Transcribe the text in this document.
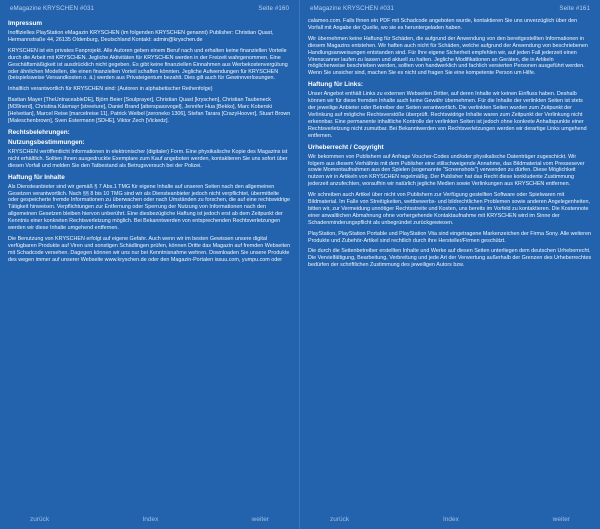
eMagazine KRYSCHEN #031	Seite #160
Impressum
Inoffizielles PlayStation eMagazin KRYSCHEN (im folgenden KRYSCHEN genannt) Publisher: Christian Quast, Hermannstraße 44, 26135 Oldenburg, Deutschland Kontakt: admin@kryschen.de
KRYSCHEN ist ein privates Fanprojekt. Alle Autoren geben einem Beruf nach und erhalten keine finanziellen Vorteile durch die Arbeit mit KRYSCHEN. Jegliche Aktivitäten für KRYSCHEN werden in der Freizeit wahrgenommen. Eine Geschäftsmäßigkeit ist ausdrücklich nicht gegeben. Es gibt keine finanziellen Einnahmen aus Werbekostenvergütung oder ähnlichen Modellen, die einen finanziellen Vorteil schaffen könnten. Jegliche Aufwendungen für KRYSCHEN (beispielsweise Versandkosten o. ä.) werden aus Privateigentum bezahlt. Dies gilt auch für Gewinnverlosungen.
Inhaltlich verantwortlich für KRYSCHEN sind: (Autoren in alphabetischer Reihenfolge)
Bastian Mayer [TheUntraceableDE], Björn Beier [Soulprayer], Christian Quast [kryschen], Christian Taubeneck [M39nerd], Christina Käsmayr [streeture], Daniel Brand [atterspassvogel], Jennifer Hua [Bekko], Marc Koberski [Helvetian], Marcel Reise [marcelreise 11], Patrick Weibel [zeroneko 1306], Stefan Tarara [CrazyHoover], Stuart Brown [Maleschenbrown], Sven Estermann [SDHE], Viktor Zech [Vickedz].
Rechtsbelehrungen:
Nutzungsbestimmungen:
KRYSCHEN veröffentlicht Informationen in elektronischer (digitaler) Form. Eine physikalische Kopie des Magazins ist nicht erhältlich. Sollten Ihnen ausgedruckte Exemplare zum Kauf angeboten werden, kontaktieren Sie uns sofort über diesen Vorfall und melden Sie den Tatbestand als Betrugsversuch bei der Polizei.
Haftung für Inhalte
Als Diensteanbieter sind wir gemäß § 7 Abs.1 TMG für eigene Inhalte auf unseren Seiten nach den allgemeinen Gesetzen verantwortlich. Nach §§ 8 bis 10 TMG sind wir als Diensteanbieter jedoch nicht verpflichtet, übermittelte oder gespeicherte fremde Informationen zu überwachen oder nach Umständen zu forschen, die auf eine rechtswidrige Tätigkeit hinweisen. Verpflichtungen zur Entfernung oder Sperrung der Nutzung von Informationen nach den allgemeinen Gesetzen bleiben hiervon unberührt. Eine diesbezügliche Haftung ist jedoch erst ab dem Zeitpunkt der Kenntnis einer konkreten Rechtsverletzung möglich. Bei Bekanntwerden von entsprechenden Rechtsverletzungen werden wir diese Inhalte umgehend entfernen.
Die Benutzung von KRYSCHEN erfolgt auf eigene Gefahr. Auch wenn wir im besten Gewissen unsere digital verfügbaren Produkte auf Viren und sonstigen Schädlingen prüfen, können Dritte das Magazin auf fremden Webseiten mit Schadcode versehen. Dagegen können wir uns nur bei Kenntnisnahme wehren. Downloaden Sie unsere Produkte des wegen immer auf unserer Webseite www.kryschen.de oder den Magazin-Portalen issuu.com, yumpu.com oder
zurück	Index	weiter
eMagazine KRYSCHEN #031	Seite #161
calameo.com. Falls Ihnen ein PDF mit Schadcode angeboten wurde, kontaktieren Sie uns unverzüglich über den Vorfall mit Angabe der Quelle, wo sie es heruntergeladen haben.
Wir übernehmen keine Haftung für Schäden, die aufgrund der Anwendung von den bereitgestellten Informationen in diesem Magazins entstehen. Wir haften auch nicht für Schäden, welche aufgrund der Anwendung von beschriebenen Handlungsanweisungen entstanden sind. Für Ihre eigene Sicherheit empfehlen wir, auf jeden Fall jederzeit einen Virenscanner laufen zu lassen und aktuell zu halten. Jegliche Modifikationen an Geräten, die in Artikeln möglicherweise beschrieben werden, sollten von handwerklich und fachlich versierten Personen ausgeführt werden. Wenn Sie unsicher sind, machen Sie es nicht und fragen Sie eine kompetente Person um Hilfe.
Haftung für Links:
Unser Angebot enthält Links zu externen Webseiten Dritter, auf deren Inhalte wir keinen Einfluss haben. Deshalb können wir für diese fremden Inhalte auch keine Gewähr übernehmen. Für die Inhalte der verlinkten Seiten ist stets der jeweilige Anbieter oder Betreiber der Seiten verantwortlich. Die verlinkten Seiten wurden zum Zeitpunkt der Verlinkung auf mögliche Rechtsverstöße überprüft. Rechtswidrige Inhalte waren zum Zeitpunkt der Verlinkung nicht erkennbar. Eine permanente inhaltliche Kontrolle der verlinkten Seiten ist jedoch ohne konkrete Anhaltspunkte einer Rechtsverletzung nicht zumutbar. Bei Bekanntwerden von Rechtsverletzungen werden wir derartige Links umgehend entfernen.
Urheberrecht / Copyright
Wir bekommen von Publishern auf Anfrage Voucher-Codes und/oder physikalische Datenträger zugeschickt. Wir folgern aus diesem Verhältnis mit dem Publisher eine stillschweigende Annahme, das Bildmaterial vom Pressesever sowie Momentaufnahmen aus den Spielen (sogenannte "Screenshots") verwenden zu dürfen. Diese Möglichkeit nutzen wir in Artikeln von KRYSCHEN regelmäßig. Der Publisher hat das Recht diese konkludente Zustimmung jederzeit anzufechten, woraufhin wir natürlich jegliche Medien sowie Verlinkungen aus KRYSCHEN entfernen.
Wir schreiben auch Artikel über nicht von Publishern zur Verfügung gestellten Software oder Spielwaren mit Bildmaterial. Im Falle von Streitigkeiten, wettbewerbs- und bildrechtlichen Problemen sowie anderen Angelegenheiten, bitten wir, zur Vermeidung unnötiger Rechtsstreite und Kosten, uns bereits im Vorfeld zu kontaktieren. Die Kostennote einer anwaltlichen Abmahnung ohne vorhergehende Kontaktaufnahme mit KRYSCHEN wird im Sinne der Schadenminderungspflicht als unbegründet zurückgewiesen.
PlayStation, PlayStation Portable und PlayStation Vita sind eingetragene Markenzeichen der Firma Sony. Alle weiteren Produkte und Zubehör-Artikel sind rechtlich durch ihre Hersteller/Firmen geschützt.
Die durch die Seitenbetreiber erstellten Inhalte und Werke auf diesen Seiten unterliegen dem deutschen Urheberrecht. Die Vervielfältigung, Bearbeitung, Verbreitung und jede Art der Verwertung außerhalb der Grenzen des Urheberrechtes bedürfen der schriftlichen Zustimmung des jeweiligen Autors bzw.
zurück	Index	weiter
